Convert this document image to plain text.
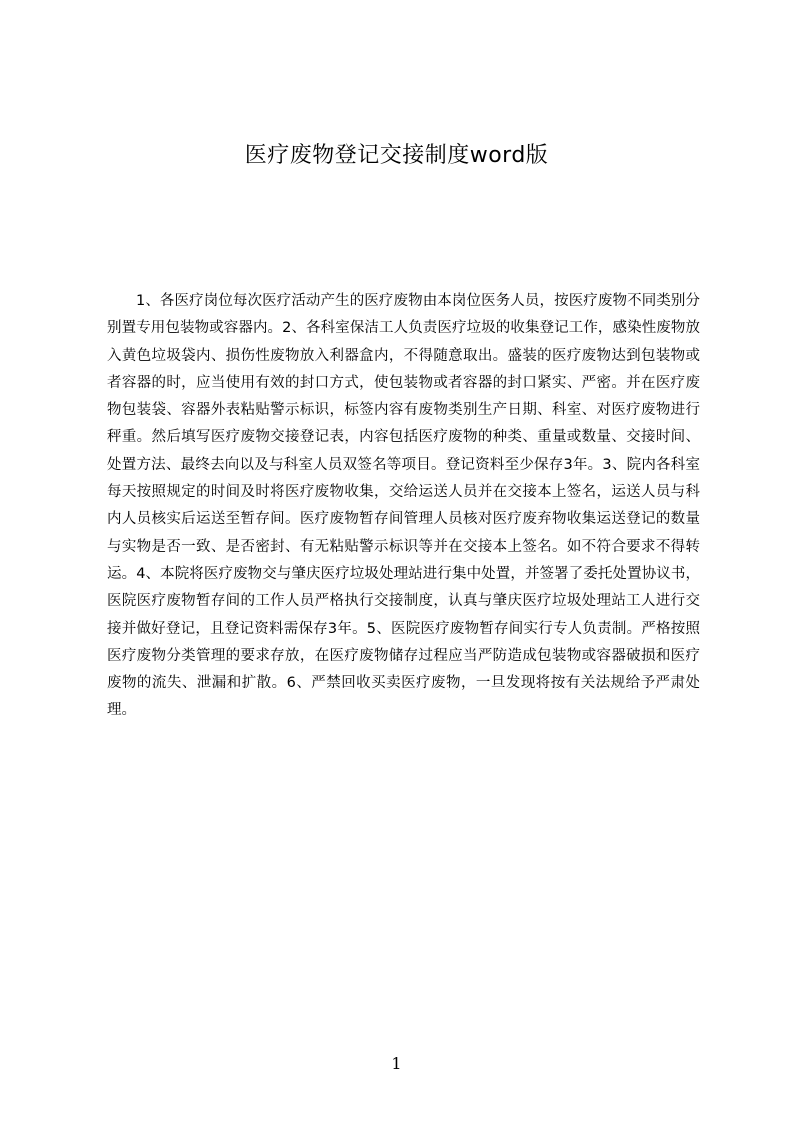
医疗废物登记交接制度word版

1、各医疗岗位每次医疗活动产生的医疗废物由本岗位医务人员，按医疗废物不同类别分别置专用包装物或容器内。2、各科室保洁工人负责医疗垃圾的收集登记工作，感染性废物放入黄色垃圾袋内、损伤性废物放入利器盒内，不得随意取出。盛装的医疗废物达到包装物或者容器的时，应当使用有效的封口方式，使包装物或者容器的封口紧实、严密。并在医疗废物包装袋、容器外表粘贴警示标识，标签内容有废物类别生产日期、科室、对医疗废物进行秤重。然后填写医疗废物交接登记表，内容包括医疗废物的种类、重量或数量、交接时间、处置方法、最终去向以及与科室人员双签名等项目。登记资料至少保存3年。3、院内各科室每天按照规定的时间及时将医疗废物收集，交给运送人员并在交接本上签名，运送人员与科内人员核实后运送至暂存间。医疗废物暂存间管理人员核对医疗废弃物收集运送登记的数量与实物是否一致、是否密封、有无粘贴警示标识等并在交接本上签名。如不符合要求不得转运。4、本院将医疗废物交与肇庆医疗垃圾处理站进行集中处置，并签署了委托处置协议书，医院医疗废物暂存间的工作人员严格执行交接制度，认真与肇庆医疗垃圾处理站工人进行交接并做好登记，且登记资料需保存3年。5、医院医疗废物暂存间实行专人负责制。严格按照医疗废物分类管理的要求存放，在医疗废物储存过程应当严防造成包装物或容器破损和医疗废物的流失、泄漏和扩散。6、严禁回收买卖医疗废物，一旦发现将按有关法规给予严肃处理。

1
